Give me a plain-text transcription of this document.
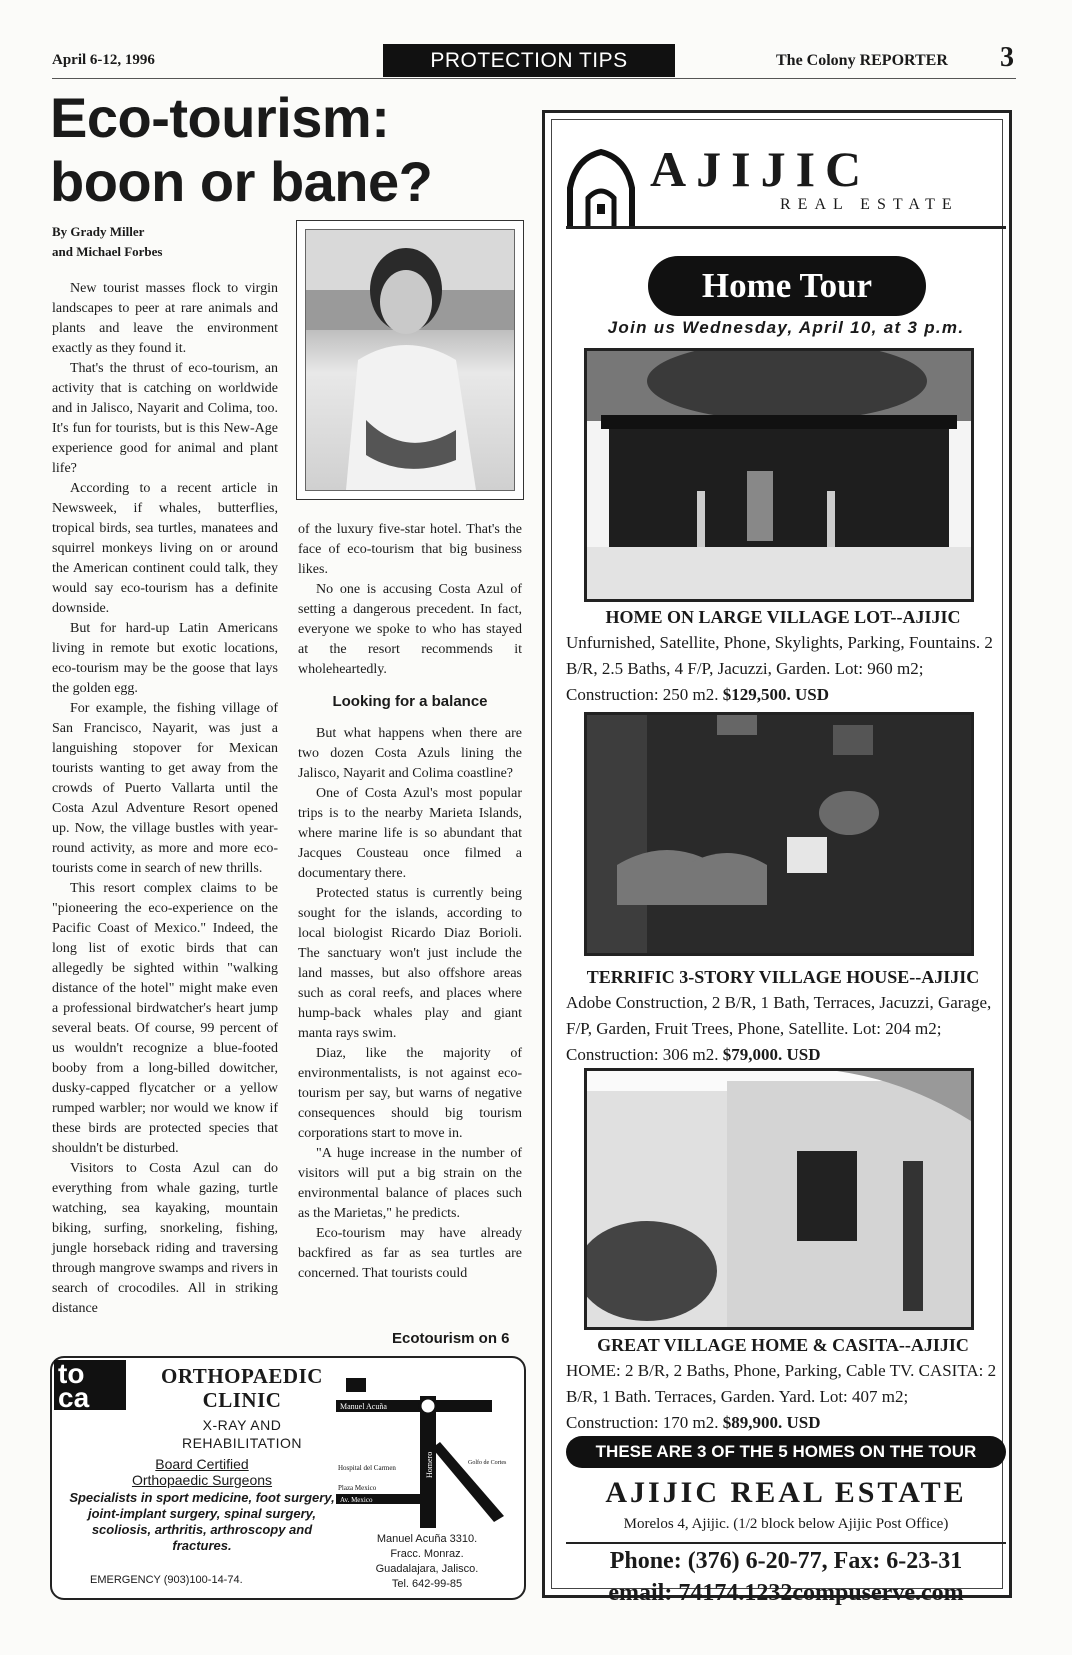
April 6-12, 1996	PROTECTION TIPS	The Colony REPORTER 3
Eco-tourism:
boon or bane?
By Grady Miller
and Michael Forbes

New tourist masses flock to virgin landscapes to peer at rare animals and plants and leave the environment exactly as they found it.

That's the thrust of eco-tourism, an activity that is catching on worldwide and in Jalisco, Nayarit and Colima, too. It's fun for tourists, but is this New-Age experience good for animal and plant life?

According to a recent article in Newsweek, if whales, butterflies, tropical birds, sea turtles, manatees and squirrel monkeys living on or around the American continent could talk, they would say eco-tourism has a definite downside.

But for hard-up Latin Americans living in remote but exotic locations, eco-tourism may be the goose that lays the golden egg.

For example, the fishing village of San Francisco, Nayarit, was just a languishing stopover for Mexican tourists wanting to get away from the crowds of Puerto Vallarta until the Costa Azul Adventure Resort opened up. Now, the village bustles with year-round activity, as more and more eco-tourists come in search of new thrills.

This resort complex claims to be "pioneering the eco-experience on the Pacific Coast of Mexico." Indeed, the long list of exotic birds that can allegedly be sighted within "walking distance of the hotel" might make even a professional birdwatcher's heart jump several beats. Of course, 99 percent of us wouldn't recognize a blue-footed booby from a long-billed dowitcher, dusky-capped flycatcher or a yellow rumped warbler; nor would we know if these birds are protected species that shouldn't be disturbed.

Visitors to Costa Azul can do everything from whale gazing, turtle watching, sea kayaking, mountain biking, surfing, snorkeling, fishing, jungle horseback riding and traversing through mangrove swamps and rivers in search of crocodiles. All in striking distance

of the luxury five-star hotel. That's the face of eco-tourism that big business likes.

No one is accusing Costa Azul of setting a dangerous precedent. In fact, everyone we spoke to who has stayed at the resort recommends it wholeheartedly.

Looking for a balance

But what happens when there are two dozen Costa Azuls lining the Jalisco, Nayarit and Colima coastline?

One of Costa Azul's most popular trips is to the nearby Marieta Islands, where marine life is so abundant that Jacques Cousteau once filmed a documentary there.

Protected status is currently being sought for the islands, according to local biologist Ricardo Diaz Borioli. The sanctuary won't just include the land masses, but also offshore areas such as coral reefs, and places where hump-back whales play and giant manta rays swim.

Diaz, like the majority of environmentalists, is not against eco-tourism per say, but warns of negative consequences should big tourism corporations start to move in.

"A huge increase in the number of visitors will put a big strain on the environmental balance of places such as the Marietas," he predicts.

Eco-tourism may have already backfired as far as sea turtles are concerned. That tourists could

Ecotourism on 6
to
ca
ORTHOPAEDIC
CLINIC
X-RAY AND
REHABILITATION
Board Certified
Orthopaedic Surgeons
Specialists in sport medicine, foot surgery, joint-implant surgery, spinal surgery, scoliosis, arthritis, arthroscopy and fractures.
EMERGENCY (903)100-14-74.
Manuel Acuña
Homero
Hospital del Carmen
Plaza Mexico
Av. Mexico
Golfo de Cortes
Manuel Acuña 3310.
Fracc. Monraz.
Guadalajara, Jalisco.
Tel. 642-99-85
AJIJIC
REAL ESTATE
Home Tour
Join us Wednesday, April 10, at 3 p.m.
HOME ON LARGE VILLAGE LOT--AJIJIC
Unfurnished, Satellite, Phone, Skylights, Parking, Fountains. 2 B/R, 2.5 Baths, 4 F/P, Jacuzzi, Garden. Lot: 960 m2; Construction: 250 m2. $129,500. USD
TERRIFIC 3-STORY VILLAGE HOUSE--AJIJIC
Adobe Construction, 2 B/R, 1 Bath, Terraces, Jacuzzi, Garage, F/P, Garden, Fruit Trees, Phone, Satellite. Lot: 204 m2; Construction: 306 m2. $79,000. USD
GREAT VILLAGE HOME & CASITA--AJIJIC
HOME: 2 B/R, 2 Baths, Phone, Parking, Cable TV. CASITA: 2 B/R, 1 Bath. Terraces, Garden. Yard. Lot: 407 m2; Construction: 170 m2. $89,900. USD
THESE ARE 3 OF THE 5 HOMES ON THE TOUR
AJIJIC REAL ESTATE
Morelos 4, Ajijic. (1/2 block below Ajijic Post Office)
Phone: (376) 6-20-77, Fax: 6-23-31
email: 74174.1232compuserve.com
